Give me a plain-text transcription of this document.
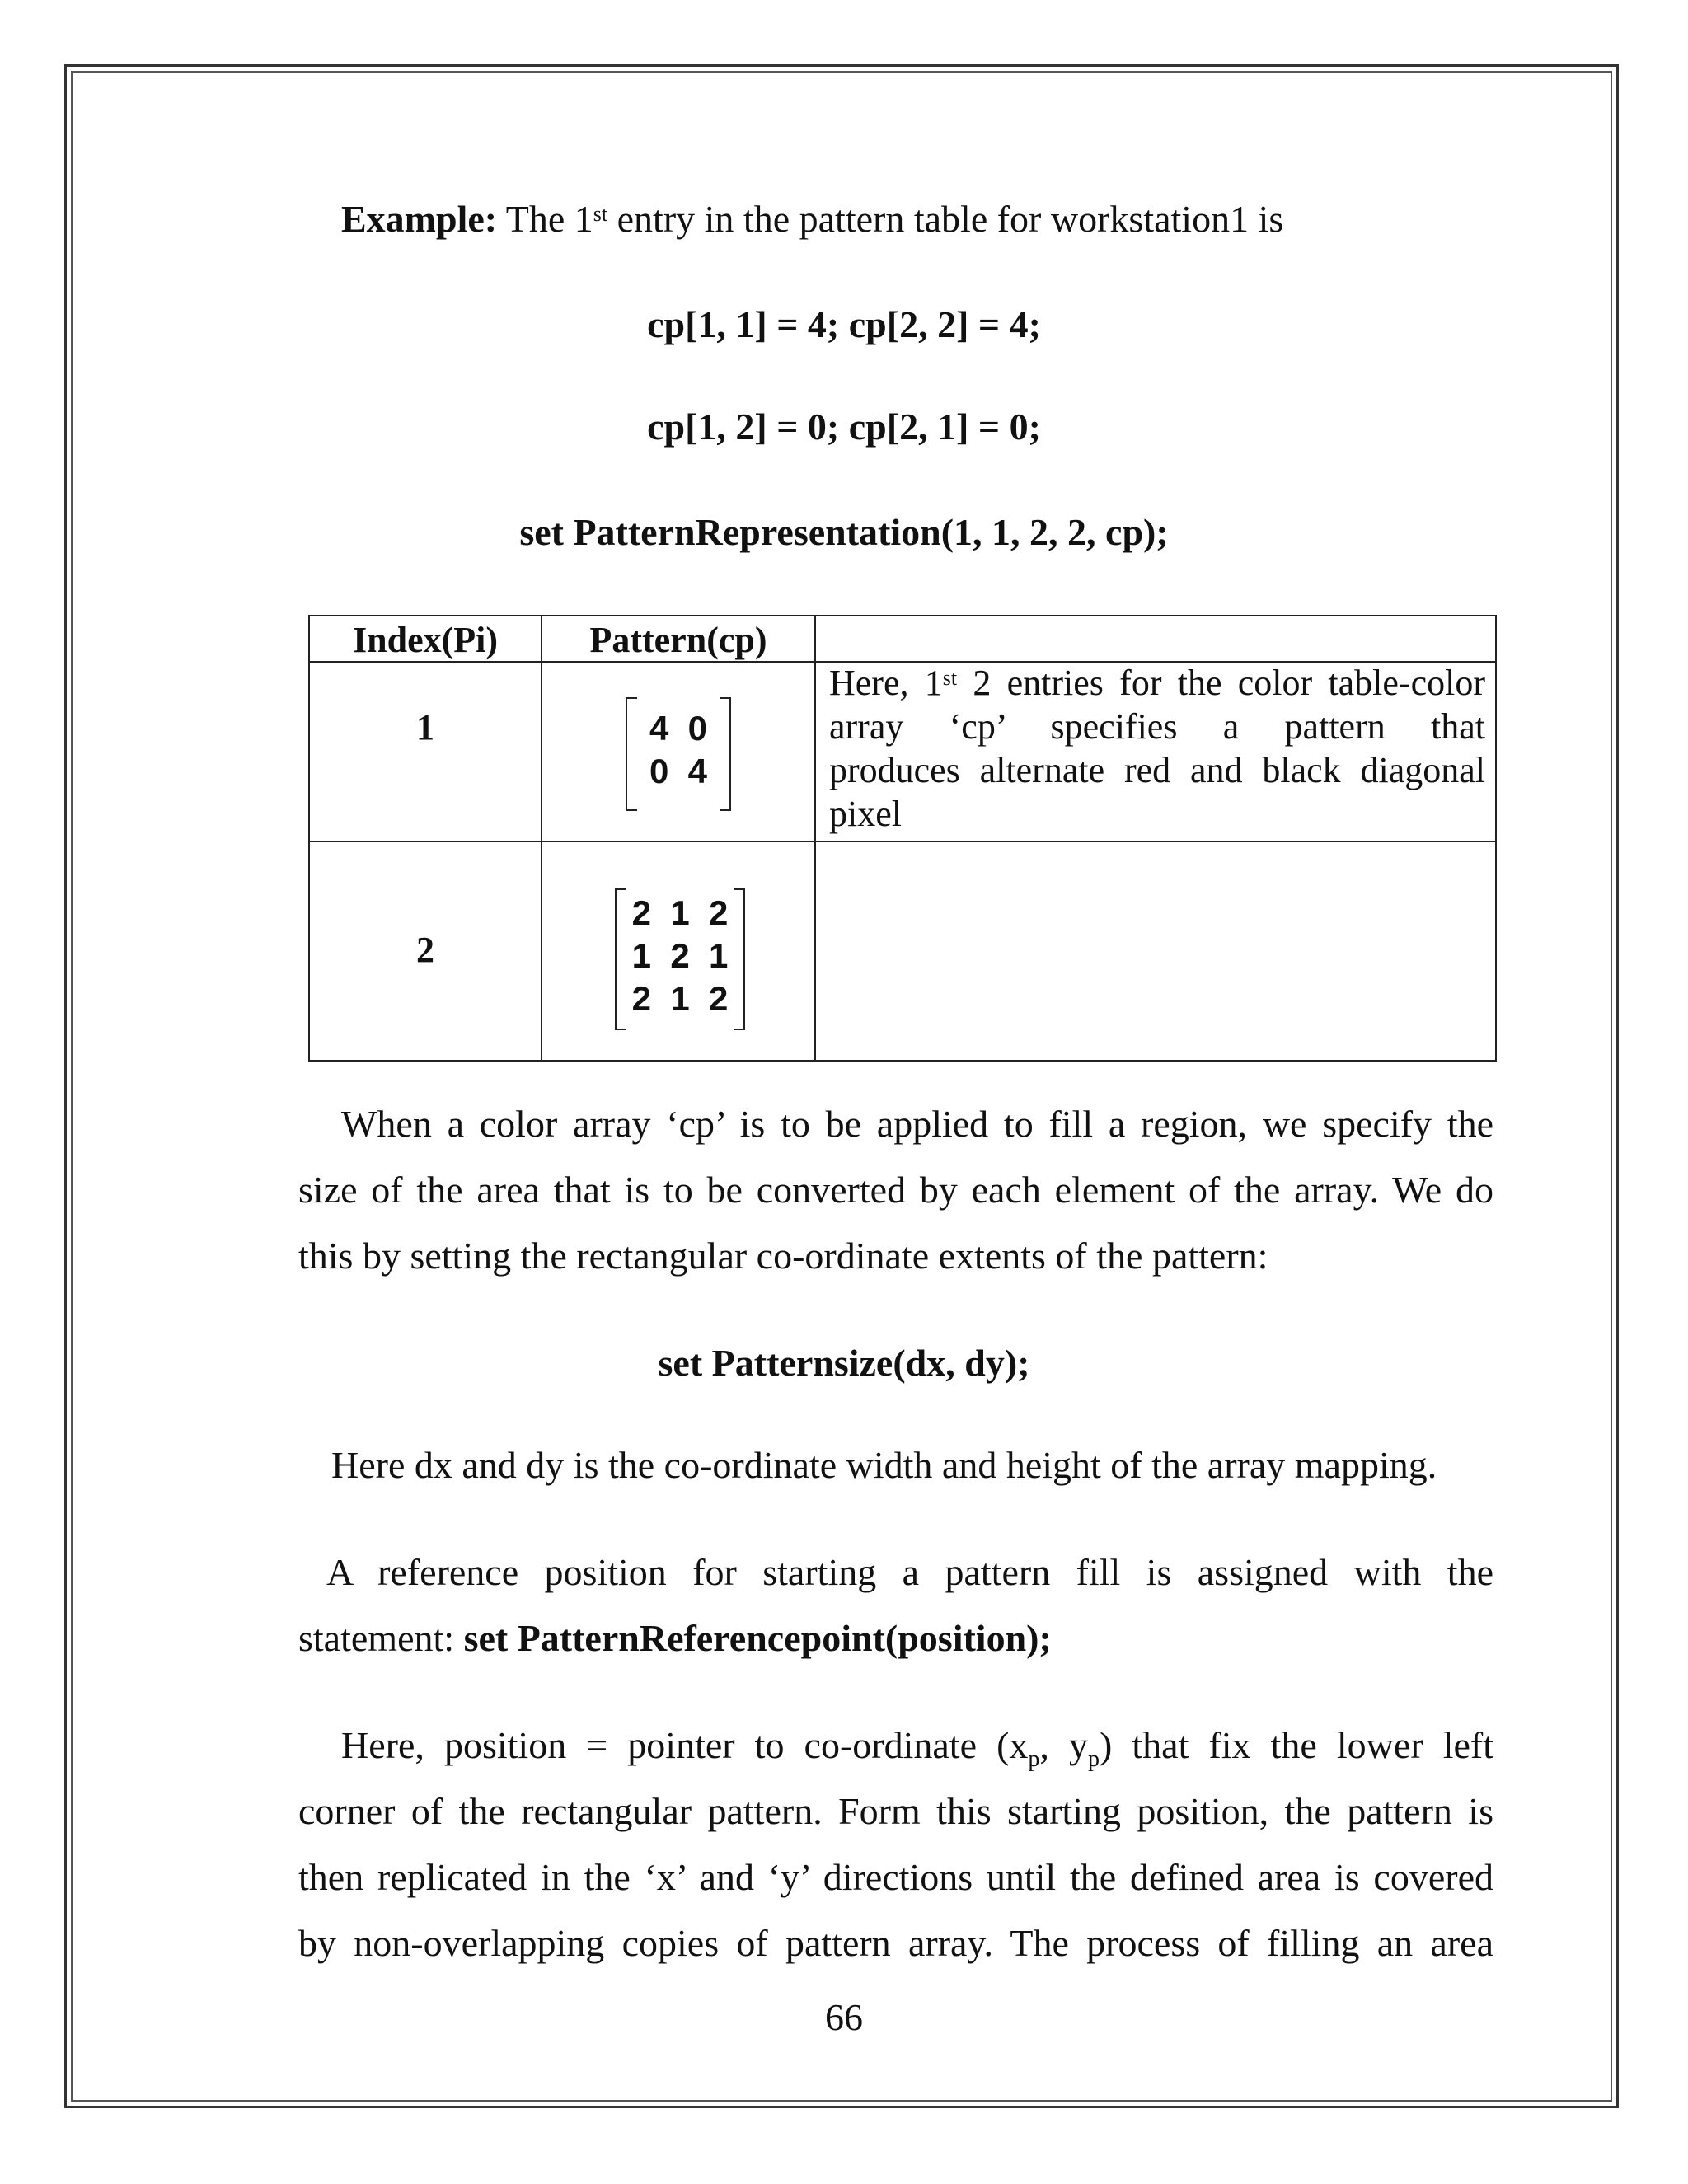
Example: The 1st entry in the pattern table for workstation1 is
cp[1, 1] = 4; cp[2, 2] = 4;
cp[1, 2] = 0; cp[2, 1] = 0;
set PatternRepresentation(1, 1, 2, 2, cp);
Index(Pi)	Pattern(cp)
1	4 0
0 4
Here, 1st 2 entries for the color table-color
array ‘cp’ specifies a pattern that
produces alternate red and black diagonal
pixel
2
2 1 2
1 2 1
2 1 2
When a color array ‘cp’ is to be applied to fill a region, we specify the
size of the area that is to be converted by each element of the array. We do
this by setting the rectangular co-ordinate extents of the pattern:
set Patternsize(dx, dy);
Here dx and dy is the co-ordinate width and height of the array mapping.
A reference position for starting a pattern fill is assigned with the
statement: set PatternReferencepoint(position);
Here, position = pointer to co-ordinate ($x_p$, $y_p$) that fix the lower left
corner of the rectangular pattern. Form this starting position, the pattern is
then replicated in the ‘x’ and ‘y’ directions until the defined area is covered
by non-overlapping copies of pattern array. The process of filling an area
66
